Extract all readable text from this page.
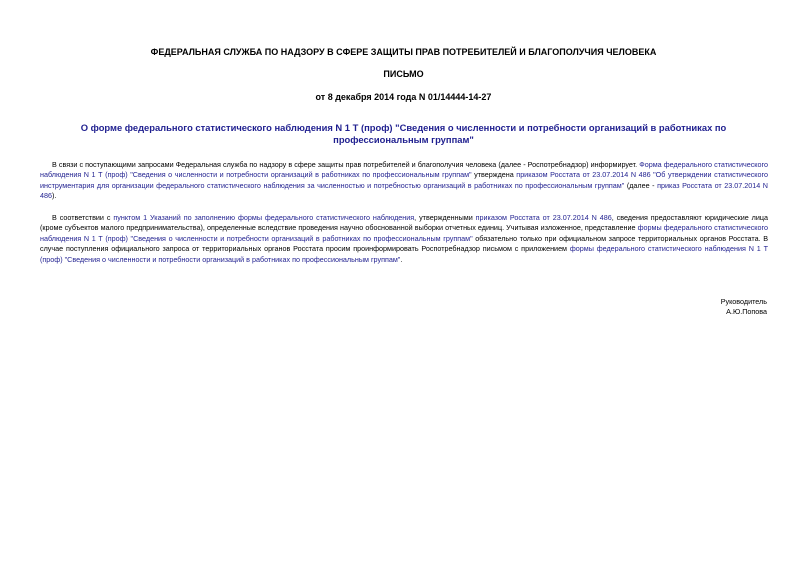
ФЕДЕРАЛЬНАЯ СЛУЖБА ПО НАДЗОРУ В СФЕРЕ ЗАЩИТЫ ПРАВ ПОТРЕБИТЕЛЕЙ И БЛАГОПОЛУЧИЯ ЧЕЛОВЕКА
ПИСЬМО
от 8 декабря 2014 года N 01/14444-14-27
О форме федерального статистического наблюдения N 1 Т (проф) "Сведения о численности и потребности организаций в работниках по профессиональным группам"

В связи с поступающими запросами Федеральная служба по надзору в сфере защиты прав потребителей и благополучия человека (далее - Роспотребнадзор) информирует. Форма федерального статистического наблюдения N 1 Т (проф) "Сведения о численности и потребности организаций в работниках по профессиональным группам" утверждена приказом Росстата от 23.07.2014 N 486 "Об утверждении статистического инструментария для организации федерального статистического наблюдения за численностью и потребностью организаций в работниках по профессиональным группам" (далее - приказ Росстата от 23.07.2014 N 486).

В соответствии с пунктом 1 Указаний по заполнению формы федерального статистического наблюдения, утвержденными приказом Росстата от 23.07.2014 N 486, сведения предоставляют юридические лица (кроме субъектов малого предпринимательства), определенные вследствие проведения научно обоснованной выборки отчетных единиц. Учитывая изложенное, представление формы федерального статистического наблюдения N 1 Т (проф) "Сведения о численности и потребности организаций в работниках по профессиональным группам" обязательно только при официальном запросе территориальных органов Росстата. В случае поступления официального запроса от территориальных органов Росстата просим проинформировать Роспотребнадзор письмом с приложением формы федерального статистического наблюдения N 1 Т (проф) "Сведения о численности и потребности организаций в работниках по профессиональным группам".

Руководитель
А.Ю.Попова
